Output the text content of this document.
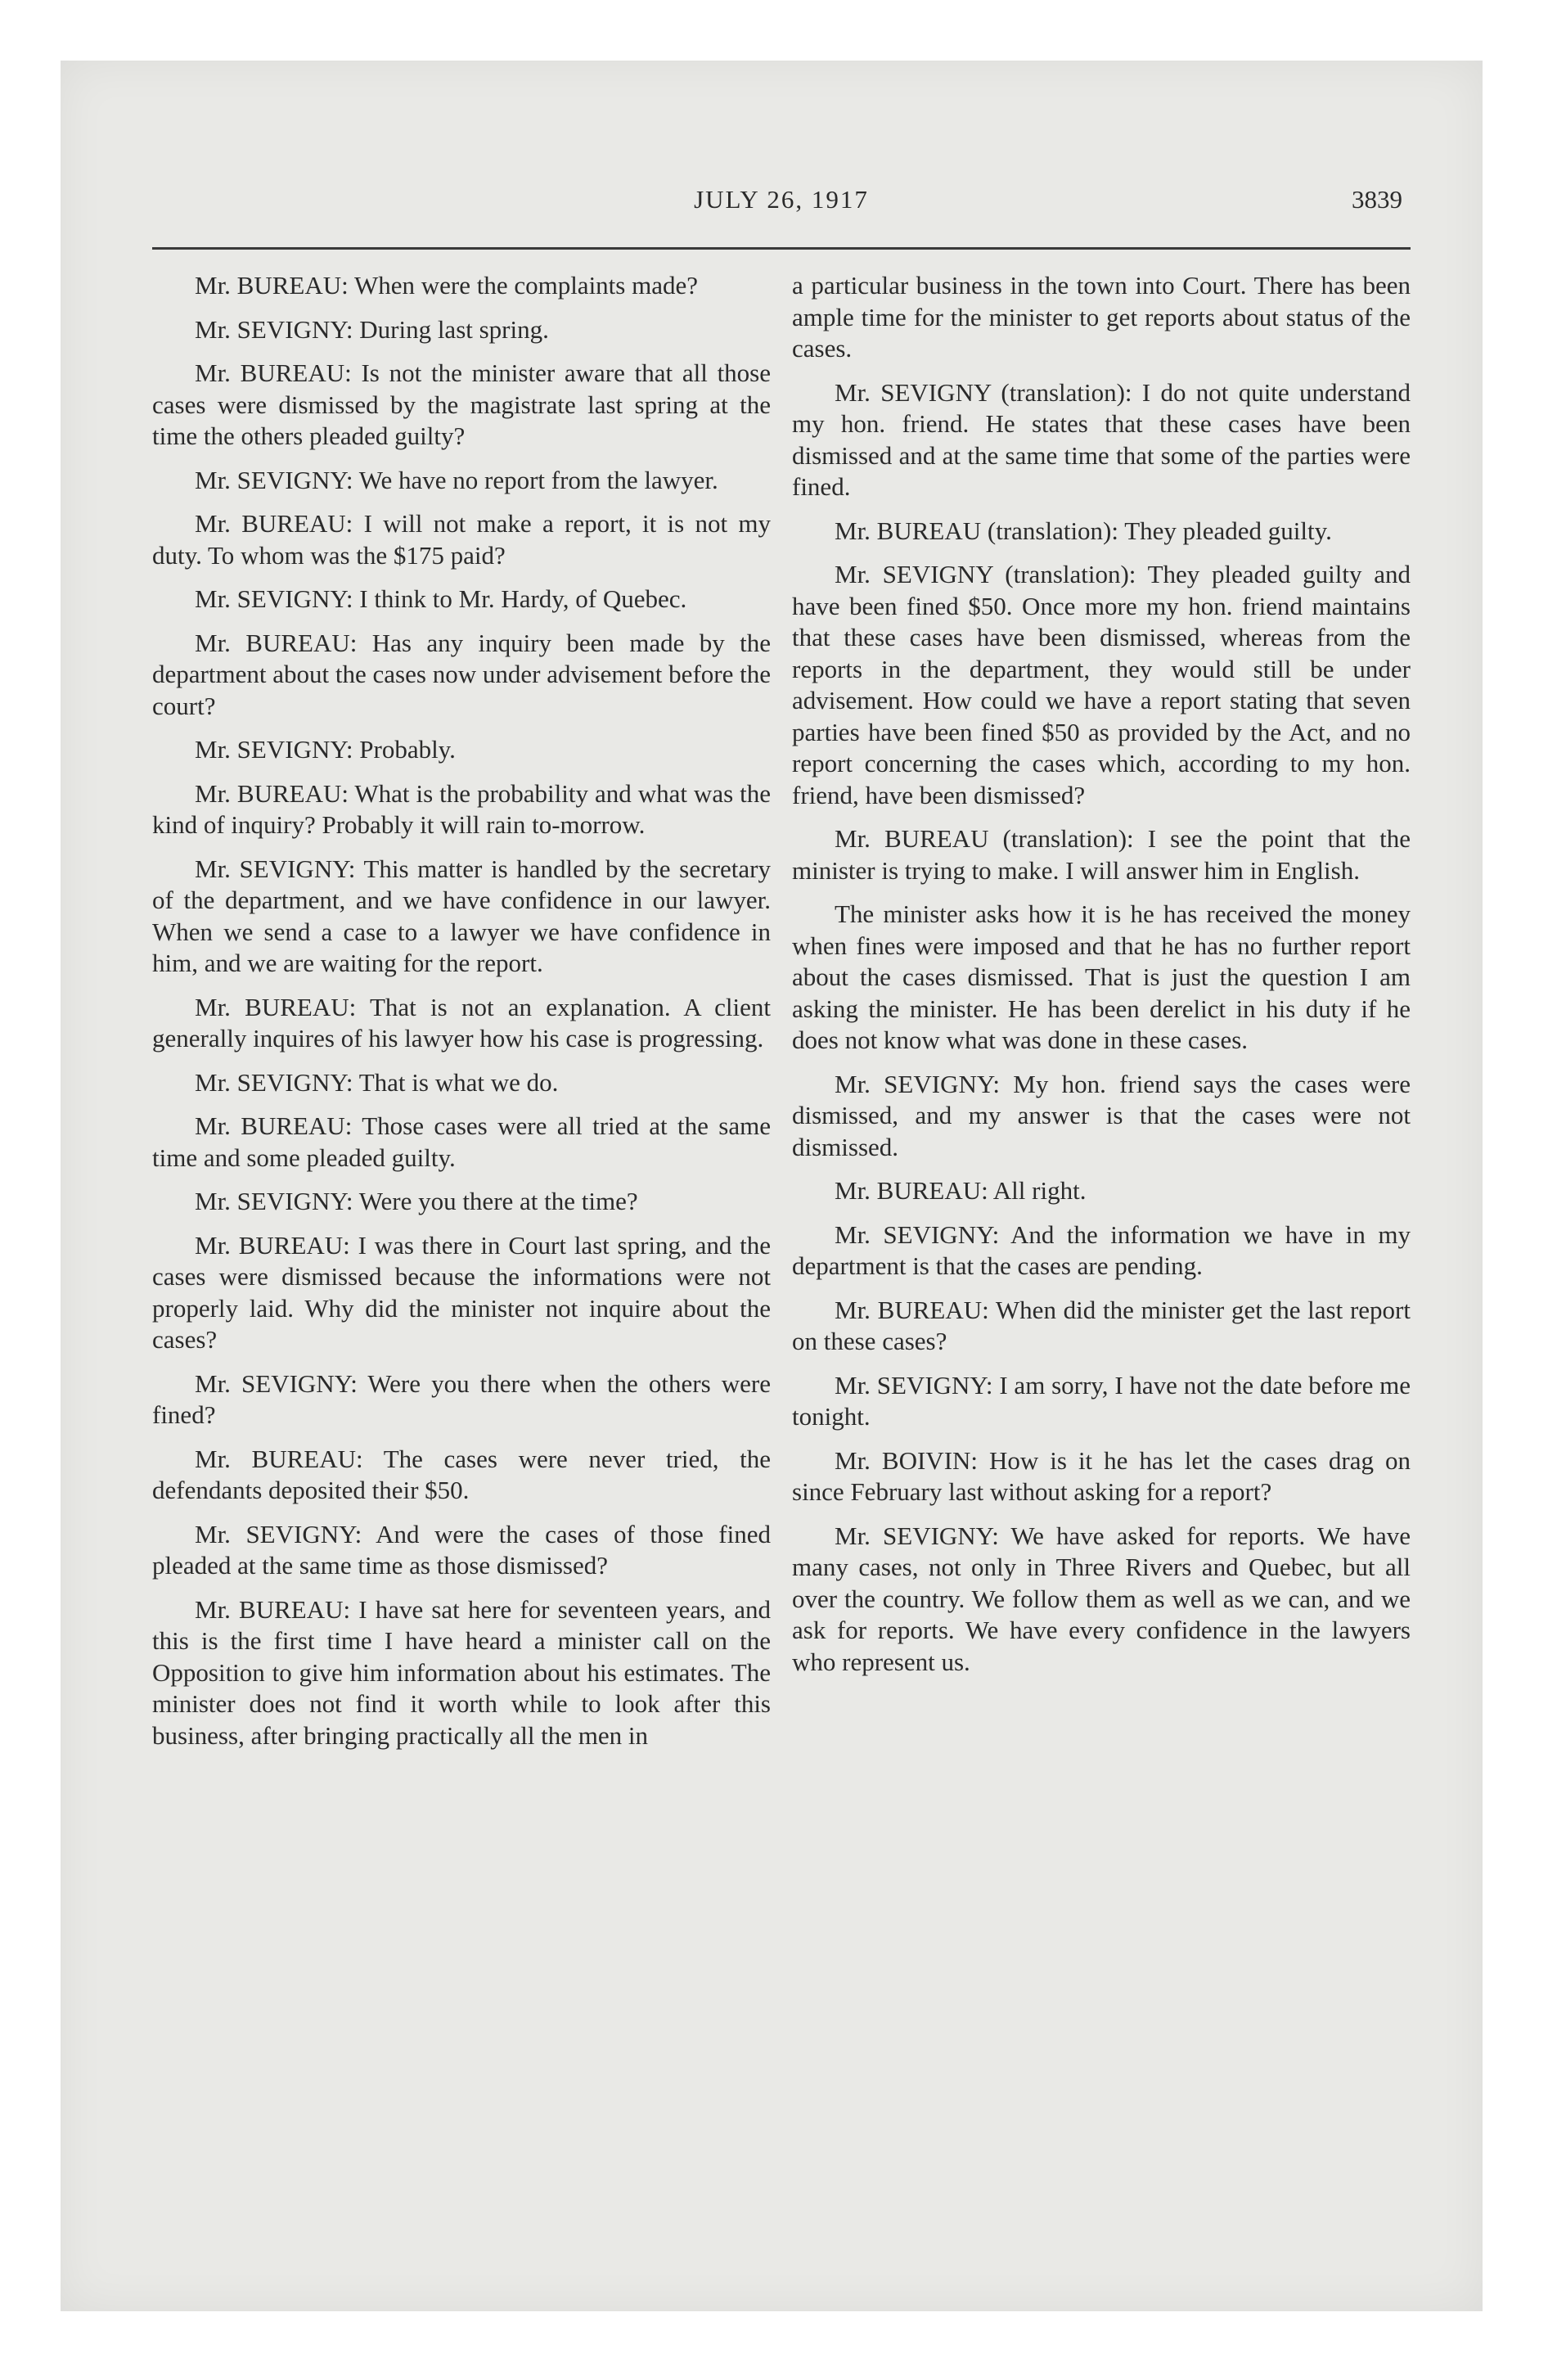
JULY 26, 1917	3839

Mr. BUREAU: When were the complaints made?

Mr. SEVIGNY: During last spring.

Mr. BUREAU: Is not the minister aware that all those cases were dismissed by the magistrate last spring at the time the others pleaded guilty?

Mr. SEVIGNY: We have no report from the lawyer.

Mr. BUREAU: I will not make a report, it is not my duty. To whom was the $175 paid?

Mr. SEVIGNY: I think to Mr. Hardy, of Quebec.

Mr. BUREAU: Has any inquiry been made by the department about the cases now under advisement before the court?

Mr. SEVIGNY: Probably.

Mr. BUREAU: What is the probability and what was the kind of inquiry? Probably it will rain to-morrow.

Mr. SEVIGNY: This matter is handled by the secretary of the department, and we have confidence in our lawyer. When we send a case to a lawyer we have confidence in him, and we are waiting for the report.

Mr. BUREAU: That is not an explanation. A client generally inquires of his lawyer how his case is progressing.

Mr. SEVIGNY: That is what we do.

Mr. BUREAU: Those cases were all tried at the same time and some pleaded guilty.

Mr. SEVIGNY: Were you there at the time?

Mr. BUREAU: I was there in Court last spring, and the cases were dismissed because the informations were not properly laid. Why did the minister not inquire about the cases?

Mr. SEVIGNY: Were you there when the others were fined?

Mr. BUREAU: The cases were never tried, the defendants deposited their $50.

Mr. SEVIGNY: And were the cases of those fined pleaded at the same time as those dismissed?

Mr. BUREAU: I have sat here for seventeen years, and this is the first time I have heard a minister call on the Opposition to give him information about his estimates. The minister does not find it worth while to look after this business, after bringing practically all the men in

a particular business in the town into Court. There has been ample time for the minister to get reports about status of the cases.

Mr. SEVIGNY (translation): I do not quite understand my hon. friend. He states that these cases have been dismissed and at the same time that some of the parties were fined.

Mr. BUREAU (translation): They pleaded guilty.

Mr. SEVIGNY (translation): They pleaded guilty and have been fined $50. Once more my hon. friend maintains that these cases have been dismissed, whereas from the reports in the department, they would still be under advisement. How could we have a report stating that seven parties have been fined $50 as provided by the Act, and no report concerning the cases which, according to my hon. friend, have been dismissed?

Mr. BUREAU (translation): I see the point that the minister is trying to make. I will answer him in English.

The minister asks how it is he has received the money when fines were imposed and that he has no further report about the cases dismissed. That is just the question I am asking the minister. He has been derelict in his duty if he does not know what was done in these cases.

Mr. SEVIGNY: My hon. friend says the cases were dismissed, and my answer is that the cases were not dismissed.

Mr. BUREAU: All right.

Mr. SEVIGNY: And the information we have in my department is that the cases are pending.

Mr. BUREAU: When did the minister get the last report on these cases?

Mr. SEVIGNY: I am sorry, I have not the date before me tonight.

Mr. BOIVIN: How is it he has let the cases drag on since February last without asking for a report?

Mr. SEVIGNY: We have asked for reports. We have many cases, not only in Three Rivers and Quebec, but all over the country. We follow them as well as we can, and we ask for reports. We have every confidence in the lawyers who represent us.
